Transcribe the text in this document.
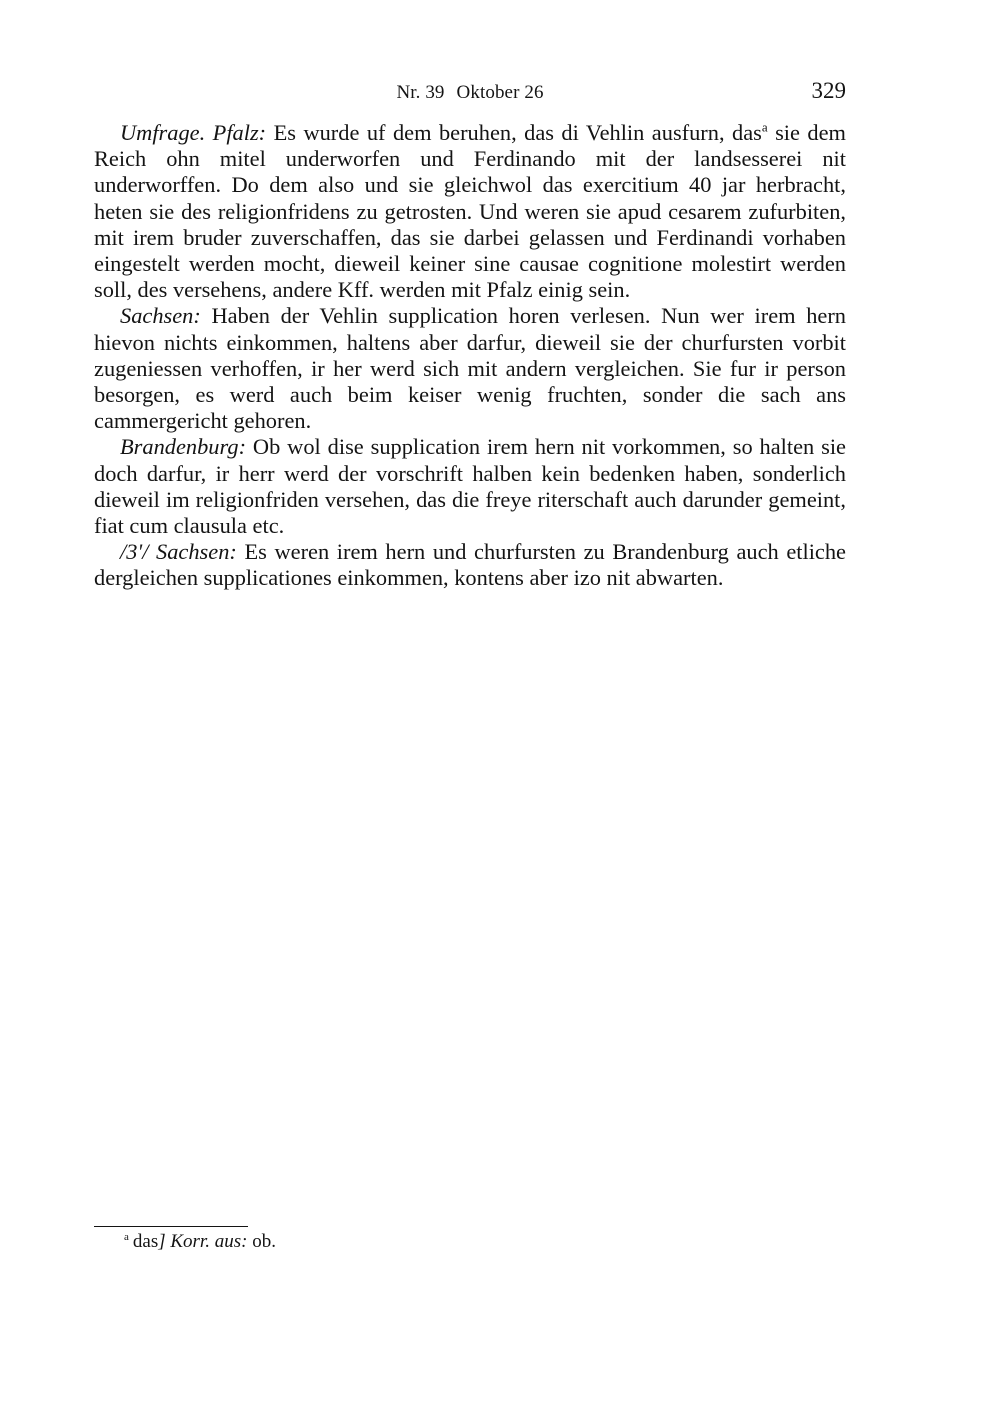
Nr. 39 Oktober 26	329

Umfrage. Pfalz: Es wurde uf dem beruhen, das di Vehlin ausfurn, das$^a$ sie dem Reich ohn mitel underworfen und Ferdinando mit der landsesserei nit underworffen. Do dem also und sie gleichwol das exercitium 40 jar herbracht, heten sie des religionfridens zu getrosten. Und weren sie apud cesarem zufurbiten, mit irem bruder zuverschaffen, das sie darbei gelassen und Ferdinandi vorhaben eingestelt werden mocht, dieweil keiner sine causae cognitione molestirt werden soll, des versehens, andere Kff. werden mit Pfalz einig sein.

Sachsen: Haben der Vehlin supplication horen verlesen. Nun wer irem hern hievon nichts einkommen, haltens aber darfur, dieweil sie der churfursten vorbit zugeniessen verhoffen, ir her werd sich mit andern vergleichen. Sie fur ir person besorgen, es werd auch beim keiser wenig fruchten, sonder die sach ans cammergericht gehoren.

Brandenburg: Ob wol dise supplication irem hern nit vorkommen, so halten sie doch darfur, ir herr werd der vorschrift halben kein bedenken haben, sonderlich dieweil im religionfriden versehen, das die freye riterschaft auch darunder gemeint, fiat cum clausula etc.

/3'/ Sachsen: Es weren irem hern und churfursten zu Brandenburg auch etliche dergleichen supplicationes einkommen, kontens aber izo nit abwarten.

$^a$ das] Korr. aus: ob.
